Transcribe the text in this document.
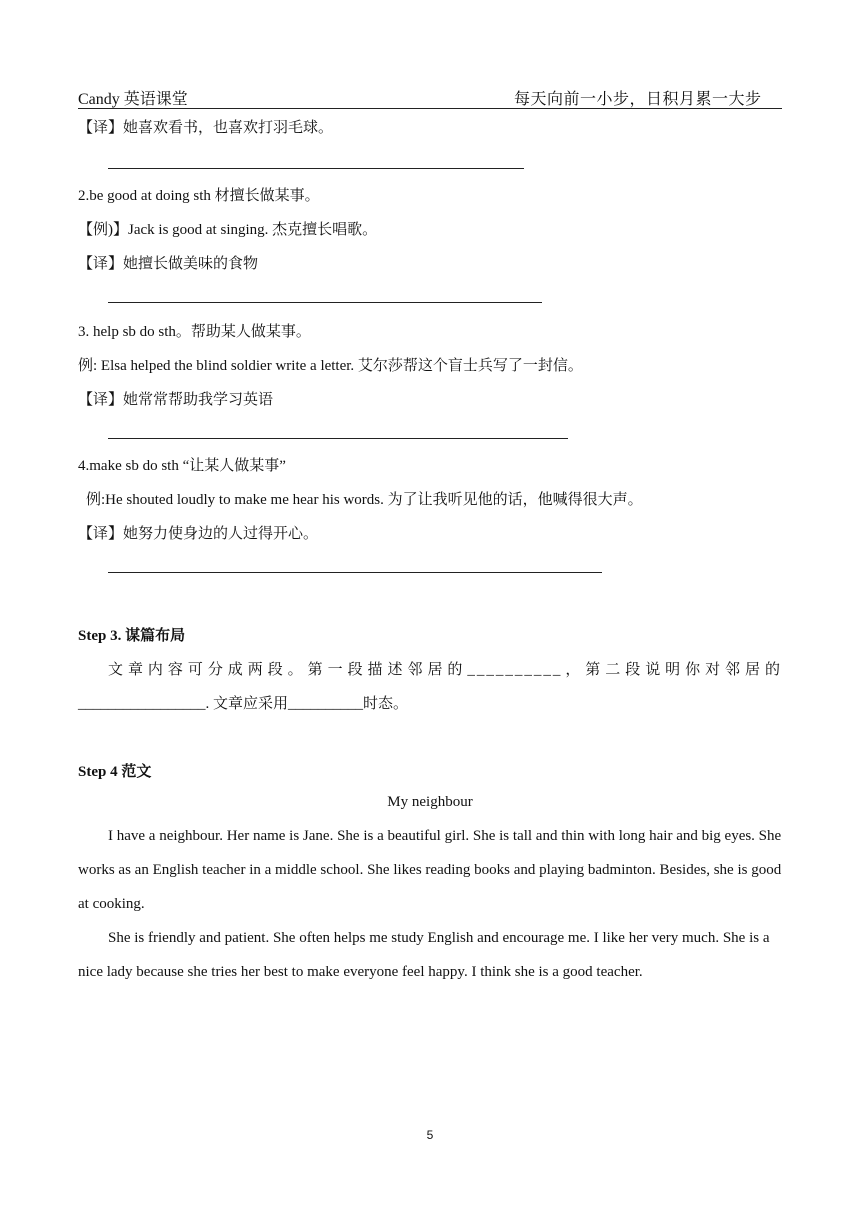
Candy 英语课堂	每天向前一小步，日积月累一大步
【译】她喜欢看书，也喜欢打羽毛球。
2.be good at doing sth 材擅长做某事。
【例)】Jack is good at singing. 杰克擅长唱歌。
【译】她擅长做美味的食物
3. help sb do sth。帮助某人做某事。
例: Elsa helped the blind soldier write a letter. 艾尔莎帮这个盲士兵写了一封信。
【译】她常常帮助我学习英语
4.make sb do sth “让某人做某事”
例:He shouted loudly to make me hear his words. 为了让我听见他的话，他喊得很大声。
【译】她努力使身边的人过得开心。
Step 3. 谋篇布局
文章内容可分成两段。第一段描述邻居的__________，第二段说明你对邻居的
_________________. 文章应采用__________时态。
Step 4 范文
My neighbour
I have a neighbour. Her name is Jane. She is a beautiful girl. She is tall and thin with long hair and big eyes. She works as an English teacher in a middle school. She likes reading books and playing badminton. Besides, she is good at cooking.
She is friendly and patient. She often helps me study English and encourage me. I like her very much. She is a nice lady because she tries her best to make everyone feel happy. I think she is a good teacher.
5
